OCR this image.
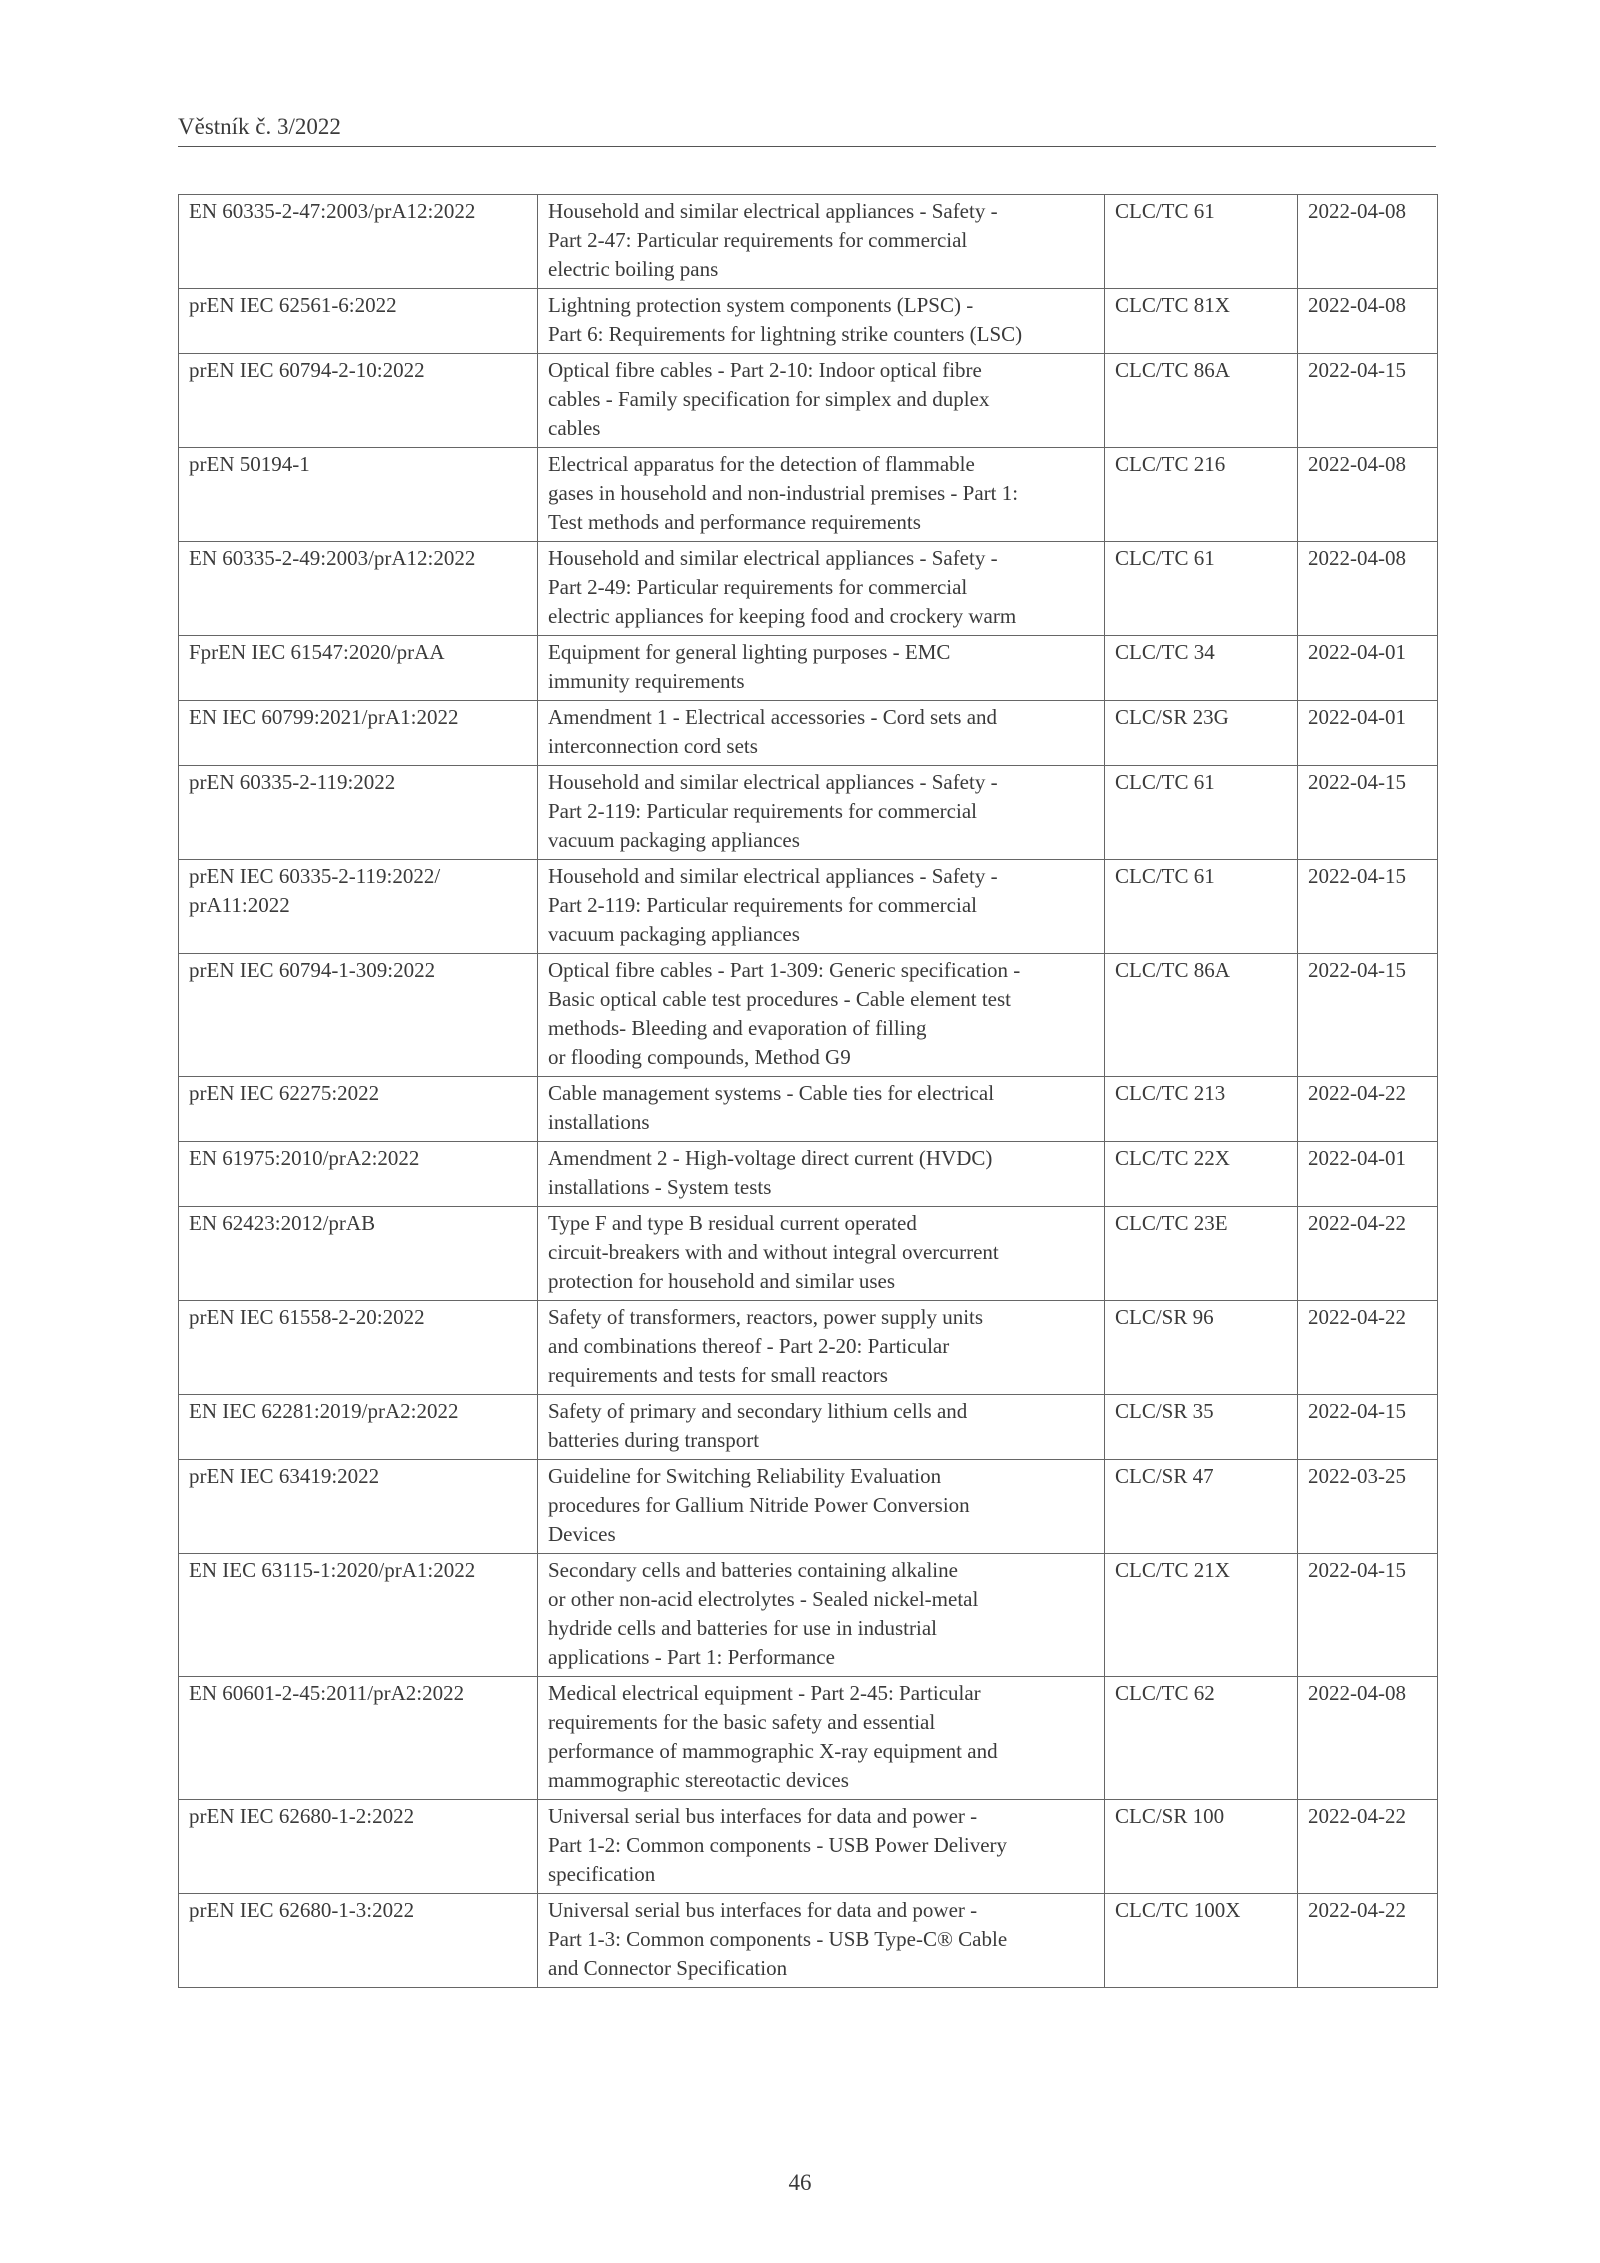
Věstník č. 3/2022
EN 60335-2-47:2003/prA12:2022	Household and similar electrical appliances - Safety -
Part 2-47: Particular requirements for commercial
electric boiling pans	CLC/TC 61	2022-04-08
prEN IEC 62561-6:2022	Lightning protection system components (LPSC) -
Part 6: Requirements for lightning strike counters (LSC)	CLC/TC 81X	2022-04-08
prEN IEC 60794-2-10:2022	Optical fibre cables - Part 2-10: Indoor optical fibre
cables - Family specification for simplex and duplex
cables	CLC/TC 86A	2022-04-15
prEN 50194-1	Electrical apparatus for the detection of flammable
gases in household and non-industrial premises - Part 1:
Test methods and performance requirements	CLC/TC 216	2022-04-08
EN 60335-2-49:2003/prA12:2022	Household and similar electrical appliances - Safety -
Part 2-49: Particular requirements for commercial
electric appliances for keeping food and crockery warm	CLC/TC 61	2022-04-08
FprEN IEC 61547:2020/prAA	Equipment for general lighting purposes - EMC
immunity requirements	CLC/TC 34	2022-04-01
EN IEC 60799:2021/prA1:2022	Amendment 1 - Electrical accessories - Cord sets and
interconnection cord sets	CLC/SR 23G	2022-04-01
prEN 60335-2-119:2022	Household and similar electrical appliances - Safety -
Part 2-119: Particular requirements for commercial
vacuum packaging appliances	CLC/TC 61	2022-04-15
prEN IEC 60335-2-119:2022/
prA11:2022	Household and similar electrical appliances - Safety -
Part 2-119: Particular requirements for commercial
vacuum packaging appliances	CLC/TC 61	2022-04-15
prEN IEC 60794-1-309:2022	Optical fibre cables - Part 1-309: Generic specification -
Basic optical cable test procedures - Cable element test
methods- Bleeding and evaporation of filling
or flooding compounds, Method G9	CLC/TC 86A	2022-04-15
prEN IEC 62275:2022	Cable management systems - Cable ties for electrical
installations	CLC/TC 213	2022-04-22
EN 61975:2010/prA2:2022	Amendment 2 - High-voltage direct current (HVDC)
installations - System tests	CLC/TC 22X	2022-04-01
EN 62423:2012/prAB	Type F and type B residual current operated
circuit-breakers with and without integral overcurrent
protection for household and similar uses	CLC/TC 23E	2022-04-22
prEN IEC 61558-2-20:2022	Safety of transformers, reactors, power supply units
and combinations thereof - Part 2-20: Particular
requirements and tests for small reactors	CLC/SR 96	2022-04-22
EN IEC 62281:2019/prA2:2022	Safety of primary and secondary lithium cells and
batteries during transport	CLC/SR 35	2022-04-15
prEN IEC 63419:2022	Guideline for Switching Reliability Evaluation
procedures for Gallium Nitride Power Conversion
Devices	CLC/SR 47	2022-03-25
EN IEC 63115-1:2020/prA1:2022	Secondary cells and batteries containing alkaline
or other non-acid electrolytes - Sealed nickel-metal
hydride cells and batteries for use in industrial
applications - Part 1: Performance	CLC/TC 21X	2022-04-15
EN 60601-2-45:2011/prA2:2022	Medical electrical equipment - Part 2-45: Particular
requirements for the basic safety and essential
performance of mammographic X-ray equipment and
mammographic stereotactic devices	CLC/TC 62	2022-04-08
prEN IEC 62680-1-2:2022	Universal serial bus interfaces for data and power -
Part 1-2: Common components - USB Power Delivery
specification	CLC/SR 100	2022-04-22
prEN IEC 62680-1-3:2022	Universal serial bus interfaces for data and power -
Part 1-3: Common components - USB Type-C® Cable
and Connector Specification	CLC/TC 100X	2022-04-22
46
